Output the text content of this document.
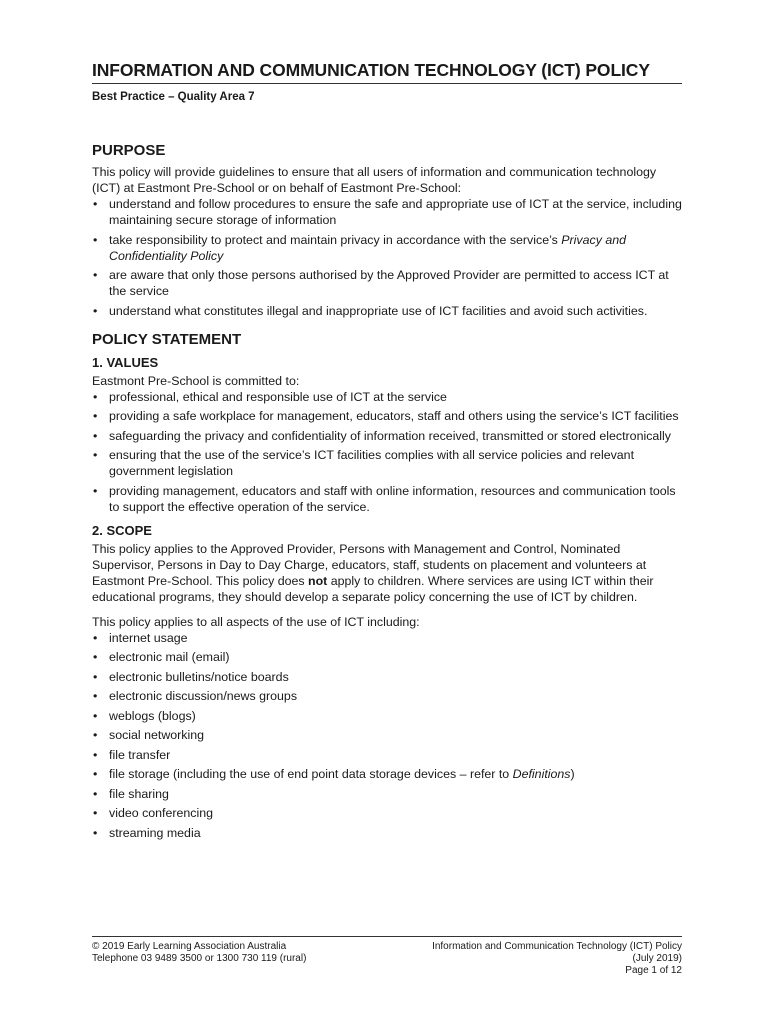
INFORMATION AND COMMUNICATION TECHNOLOGY (ICT) POLICY
Best Practice – Quality Area 7
PURPOSE

This policy will provide guidelines to ensure that all users of information and communication technology (ICT) at Eastmont Pre-School or on behalf of Eastmont Pre-School:

• understand and follow procedures to ensure the safe and appropriate use of ICT at the service, including maintaining secure storage of information
• take responsibility to protect and maintain privacy in accordance with the service’s Privacy and Confidentiality Policy
• are aware that only those persons authorised by the Approved Provider are permitted to access ICT at the service
• understand what constitutes illegal and inappropriate use of ICT facilities and avoid such activities.
POLICY STATEMENT
1. VALUES

Eastmont Pre-School is committed to:

• professional, ethical and responsible use of ICT at the service
• providing a safe workplace for management, educators, staff and others using the service’s ICT facilities
• safeguarding the privacy and confidentiality of information received, transmitted or stored electronically
• ensuring that the use of the service’s ICT facilities complies with all service policies and relevant government legislation
• providing management, educators and staff with online information, resources and communication tools to support the effective operation of the service.
2. SCOPE

This policy applies to the Approved Provider, Persons with Management and Control, Nominated Supervisor, Persons in Day to Day Charge, educators, staff, students on placement and volunteers at Eastmont Pre-School. This policy does not apply to children. Where services are using ICT within their educational programs, they should develop a separate policy concerning the use of ICT by children.

This policy applies to all aspects of the use of ICT including:

• internet usage
• electronic mail (email)
• electronic bulletins/notice boards
• electronic discussion/news groups
• weblogs (blogs)
• social networking
• file transfer
• file storage (including the use of end point data storage devices – refer to Definitions)
• file sharing
• video conferencing
• streaming media
© 2019 Early Learning Association Australia
Telephone 03 9489 3500 or 1300 730 119 (rural)
Information and Communication Technology (ICT) Policy
(July 2019)
Page 1 of 12
